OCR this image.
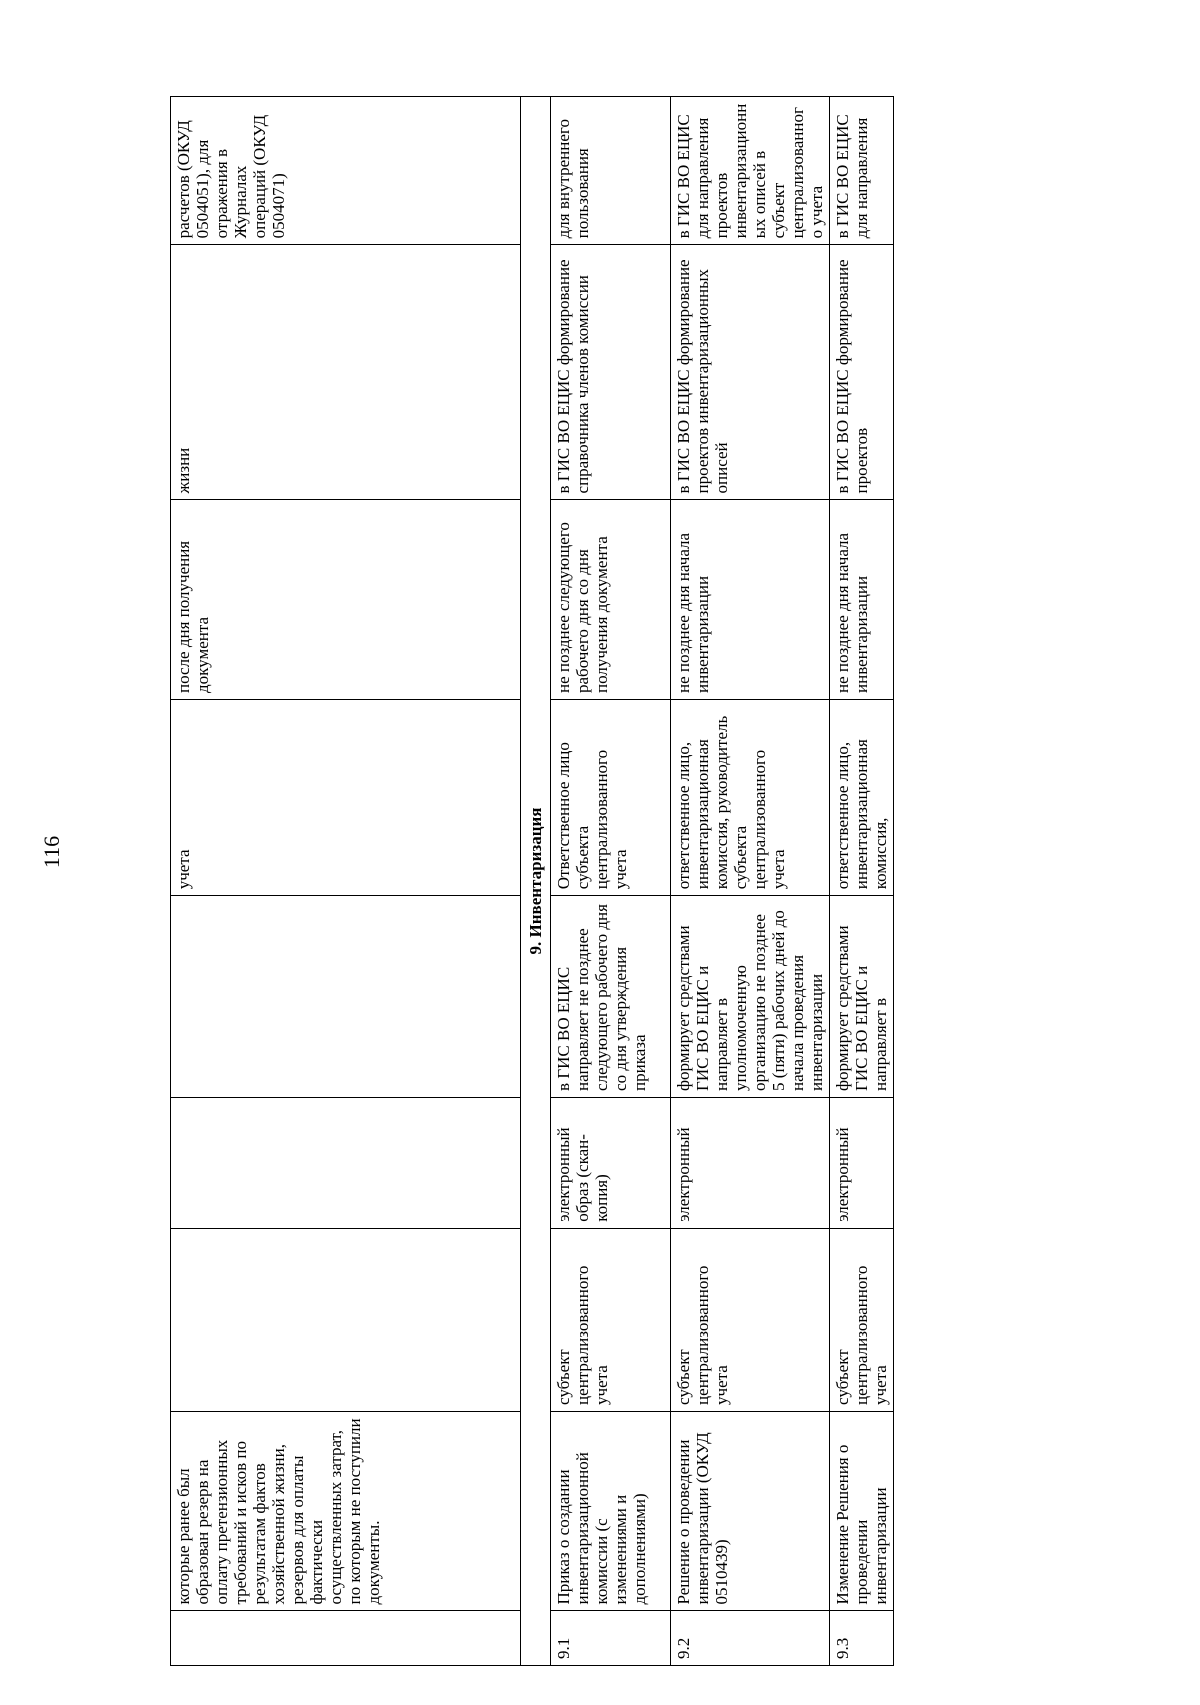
116
	которые ранее был образован резерв на оплату претензионных требований и исков по результатам фактов хозяйственной жизни, резервов для оплаты фактически осуществленных затрат, по которым не поступили документы.				учета	после дня получения документа	жизни	расчетов (ОКУД 0504051), для отражения в Журналах операций (ОКУД 0504071)
9. Инвентаризация								
9.1	Приказ о создании инвентаризационной комиссии (с изменениями и дополнениями)	субъект централизованного учета	электронный образ (скан-копия)	в ГИС ВО ЕЦИС направляет не позднее следующего рабочего дня со дня утверждения приказа	Ответственное лицо субъекта централизованного учета	не позднее следующего рабочего дня со дня получения документа	в ГИС ВО ЕЦИС формирование справочника членов комиссии	для внутреннего пользования
9.2	Решение о проведении инвентаризации (ОКУД 0510439)	субъект централизованного учета	электронный	формирует средствами ГИС ВО ЕЦИС и направляет в уполномоченную организацию не позднее 5 (пяти) рабочих дней до начала проведения инвентаризации	ответственное лицо, инвентаризационная комиссия, руководитель субъекта централизованного учета	не позднее дня начала инвентаризации	в ГИС ВО ЕЦИС формирование проектов инвентаризационных описей	в ГИС ВО ЕЦИС для направления проектов инвентаризационных описей в субъект централизованного учета
9.3	Изменение Решения о проведении инвентаризации	субъект централизованного учета	электронный	формирует средствами ГИС ВО ЕЦИС и направляет в	ответственное лицо, инвентаризационная комиссия,	не позднее дня начала инвентаризации	в ГИС ВО ЕЦИС формирование проектов	в ГИС ВО ЕЦИС для направления
